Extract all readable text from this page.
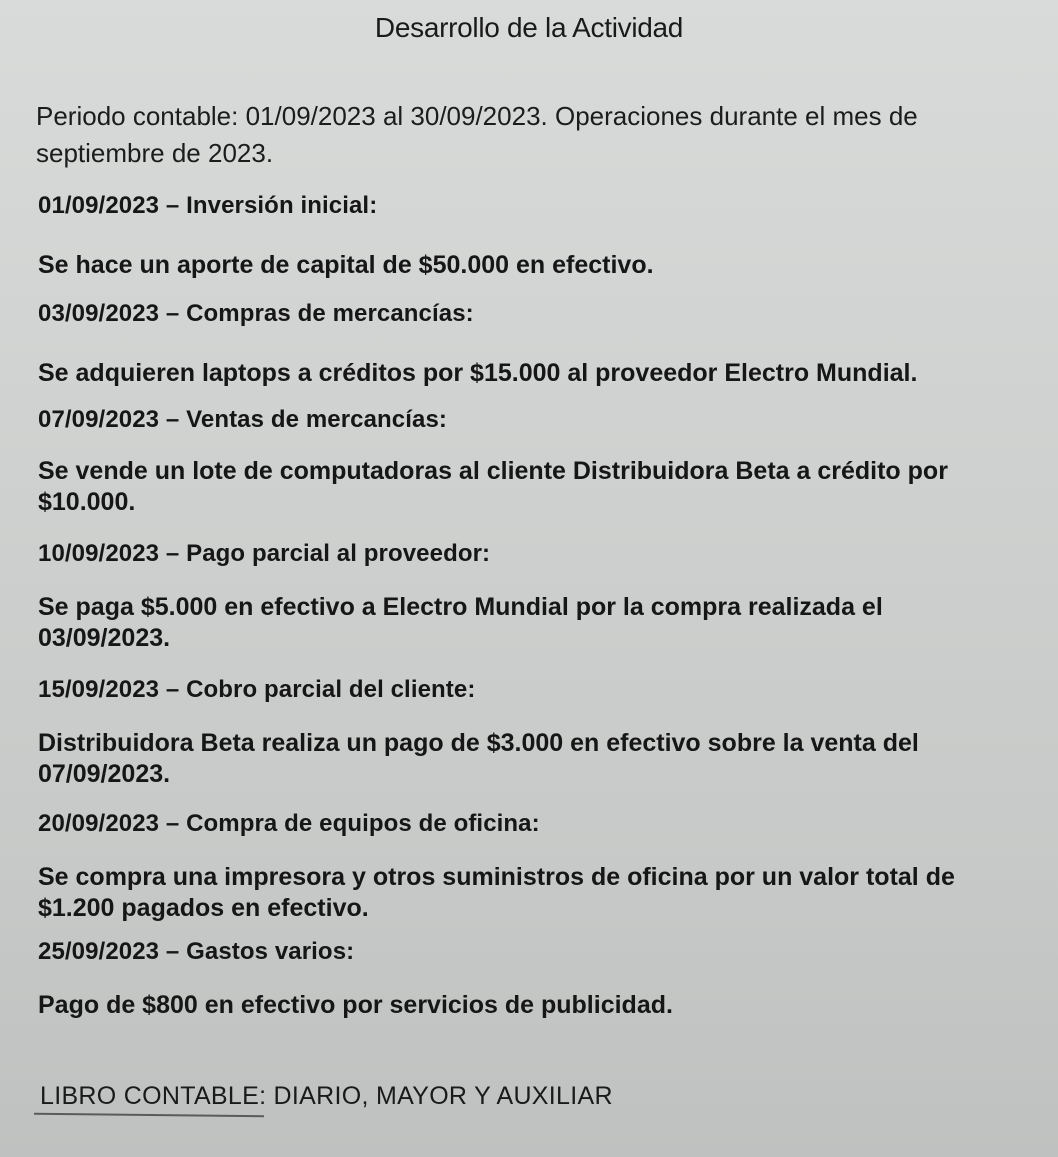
Desarrollo de la Actividad
Periodo contable: 01/09/2023 al 30/09/2023. Operaciones durante el mes de septiembre de 2023.
01/09/2023 – Inversión inicial:
Se hace un aporte de capital de $50.000 en efectivo.
03/09/2023 – Compras de mercancías:
Se adquieren laptops a créditos por $15.000 al proveedor Electro Mundial.
07/09/2023 – Ventas de mercancías:
Se vende un lote de computadoras al cliente Distribuidora Beta a crédito por $10.000.
10/09/2023 – Pago parcial al proveedor:
Se paga $5.000 en efectivo a Electro Mundial por la compra realizada el 03/09/2023.
15/09/2023 – Cobro parcial del cliente:
Distribuidora Beta realiza un pago de $3.000 en efectivo sobre la venta del 07/09/2023.
20/09/2023 – Compra de equipos de oficina:
Se compra una impresora y otros suministros de oficina por un valor total de $1.200 pagados en efectivo.
25/09/2023 – Gastos varios:
Pago de $800 en efectivo por servicios de publicidad.
LIBRO CONTABLE: DIARIO, MAYOR Y AUXILIAR
